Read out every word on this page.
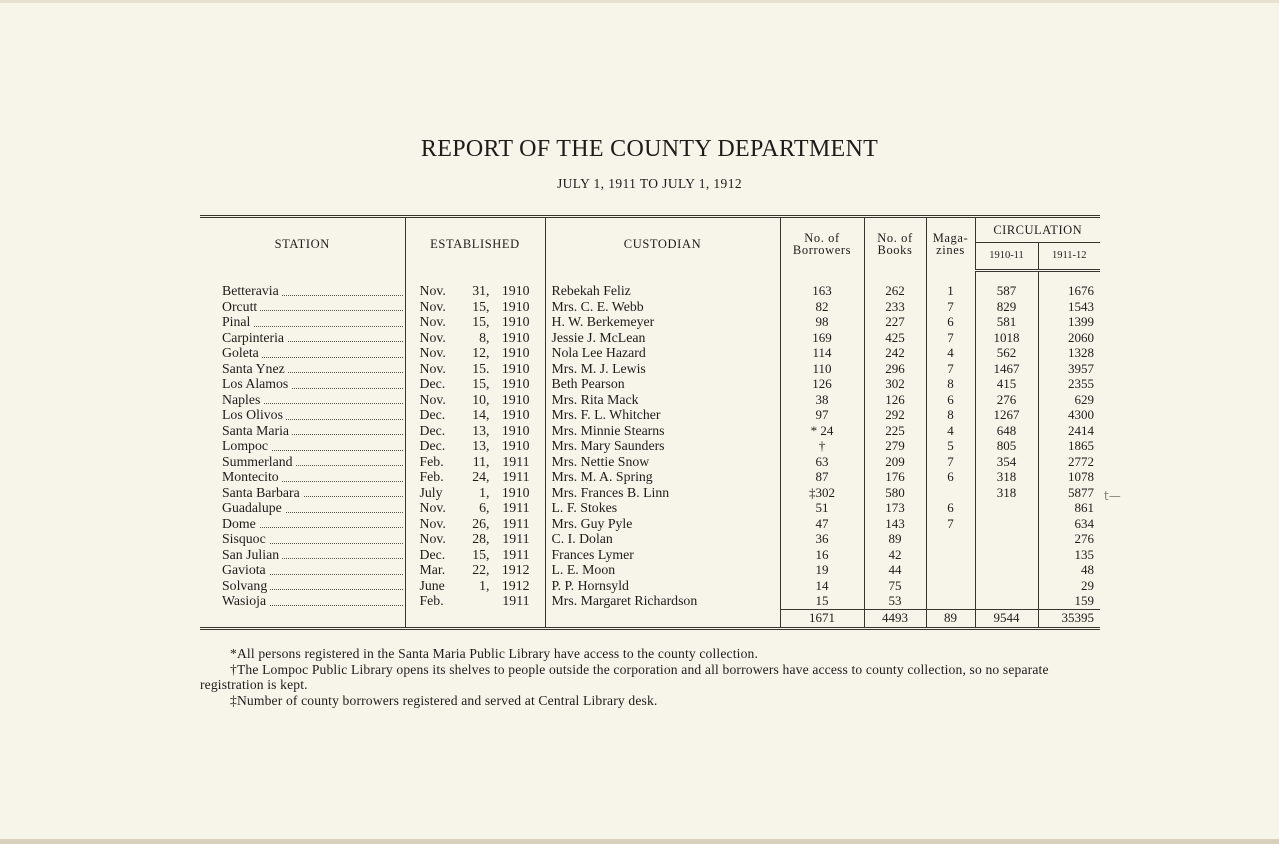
REPORT OF THE COUNTY DEPARTMENT
JULY 1, 1911 TO JULY 1, 1912
STATION	ESTABLISHED	CUSTODIAN	No. of Borrowers	No. of Books	Maga- zines	CIRCULATION	
						1910-11	1911-12

Betteravia	Nov. 31, 1910	Rebekah Feliz	163	262	1	587	1676
Orcutt	Nov. 15, 1910	Mrs. C. E. Webb	82	233	7	829	1543
Pinal	Nov. 15, 1910	H. W. Berkemeyer	98	227	6	581	1399
Carpinteria	Nov. 8, 1910	Jessie J. McLean	169	425	7	1018	2060
Goleta	Nov. 12, 1910	Nola Lee Hazard	114	242	4	562	1328
Santa Ynez	Nov. 15. 1910	Mrs. M. J. Lewis	110	296	7	1467	3957
Los Alamos	Dec. 15, 1910	Beth Pearson	126	302	8	415	2355
Naples	Nov. 10, 1910	Mrs. Rita Mack	38	126	6	276	629
Los Olivos	Dec. 14, 1910	Mrs. F. L. Whitcher	97	292	8	1267	4300
Santa Maria	Dec. 13, 1910	Mrs. Minnie Stearns	* 24	225	4	648	2414
Lompoc	Dec. 13, 1910	Mrs. Mary Saunders	†	279	5	805	1865
Summerland	Feb. 11, 1911	Mrs. Nettie Snow	63	209	7	354	2772
Montecito	Feb. 24, 1911	Mrs. M. A. Spring	87	176	6	318	1078
Santa Barbara	July 1, 1910	Mrs. Frances B. Linn	‡302	580		318	5877
Guadalupe	Nov. 6, 1911	L. F. Stokes	51	173	6		861
Dome	Nov. 26, 1911	Mrs. Guy Pyle	47	143	7		634
Sisquoc	Nov. 28, 1911	C. I. Dolan	36	89			276
San Julian	Dec. 15, 1911	Frances Lymer	16	42			135
Gaviota	Mar. 22, 1912	L. E. Moon	19	44			48
Solvang	June 1, 1912	P. P. Hornsyld	14	75			29
Wasioja	Feb. 1911	Mrs. Margaret Richardson	15	53			159
			1671	4493	89	9544	35395
t—

*All persons registered in the Santa Maria Public Library have access to the county collection.

†The Lompoc Public Library opens its shelves to people outside the corporation and all borrowers have access to county collection, so no separate registration is kept.

‡Number of county borrowers registered and served at Central Library desk.
